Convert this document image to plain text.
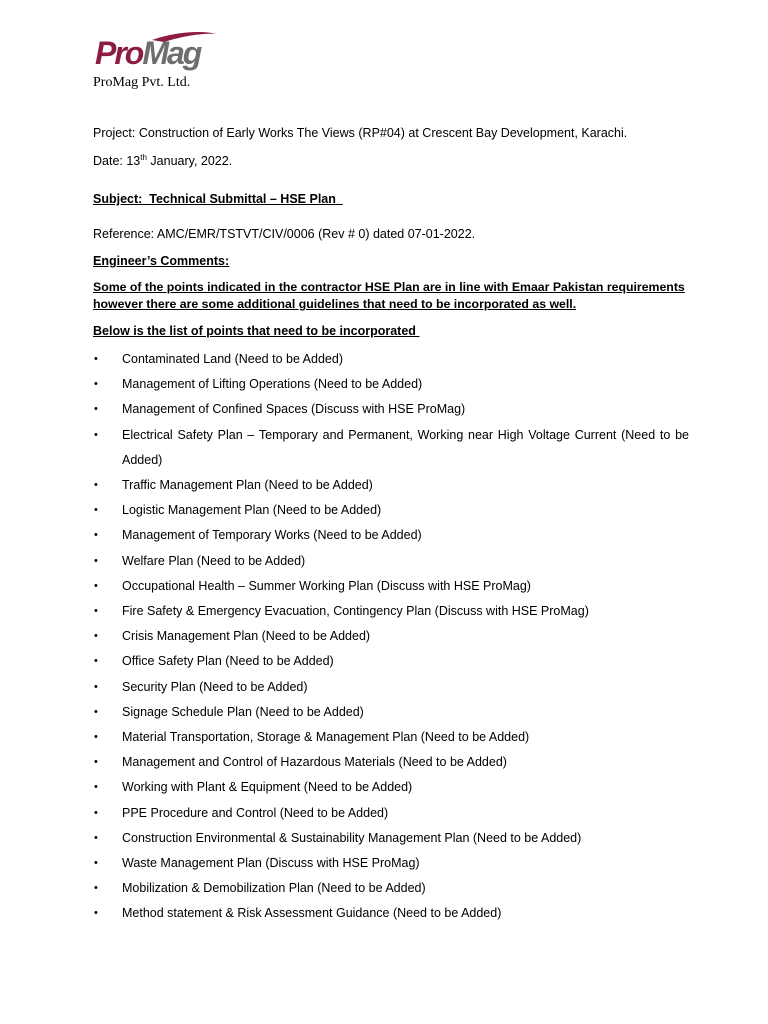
ProMag
ProMag Pvt. Ltd.
Project: Construction of Early Works The Views (RP#04) at Crescent Bay Development, Karachi.
Date: 13th January, 2022.
Subject:  Technical Submittal – HSE Plan
Reference: AMC/EMR/TSTVT/CIV/0006 (Rev # 0) dated 07-01-2022.
Engineer’s Comments:
Some of the points indicated in the contractor HSE Plan are in line with Emaar Pakistan requirements
however there are some additional guidelines that need to be incorporated as well.
Below is the list of points that need to be incorporated
• Contaminated Land (Need to be Added)
• Management of Lifting Operations (Need to be Added)
• Management of Confined Spaces (Discuss with HSE ProMag)
• Electrical Safety Plan – Temporary and Permanent, Working near High Voltage Current (Need to be Added)
• Traffic Management Plan (Need to be Added)
• Logistic Management Plan (Need to be Added)
• Management of Temporary Works (Need to be Added)
• Welfare Plan (Need to be Added)
• Occupational Health – Summer Working Plan (Discuss with HSE ProMag)
• Fire Safety & Emergency Evacuation, Contingency Plan (Discuss with HSE ProMag)
• Crisis Management Plan (Need to be Added)
• Office Safety Plan (Need to be Added)
• Security Plan (Need to be Added)
• Signage Schedule Plan (Need to be Added)
• Material Transportation, Storage & Management Plan (Need to be Added)
• Management and Control of Hazardous Materials (Need to be Added)
• Working with Plant & Equipment (Need to be Added)
• PPE Procedure and Control (Need to be Added)
• Construction Environmental & Sustainability Management Plan (Need to be Added)
• Waste Management Plan (Discuss with HSE ProMag)
• Mobilization & Demobilization Plan (Need to be Added)
• Method statement & Risk Assessment Guidance (Need to be Added)
